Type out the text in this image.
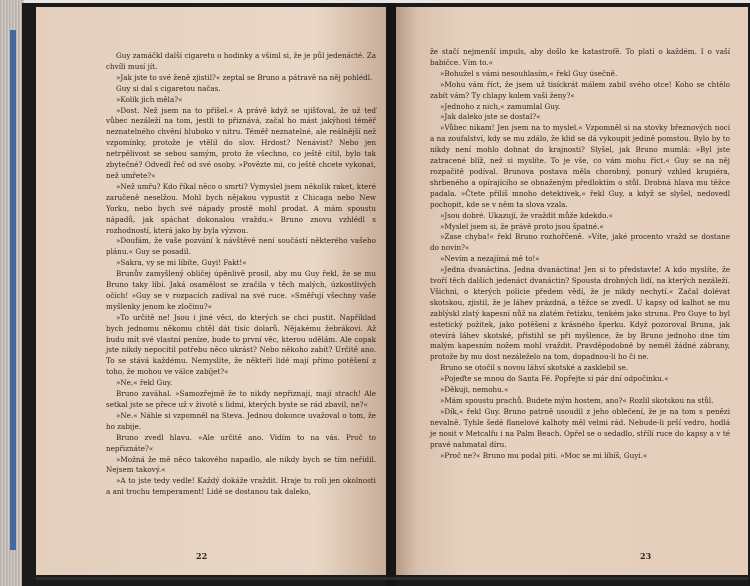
Guy zamáčkl další cigaretu o hodinky a všiml si, že je půl jedenácté. Za chvíli musí jít.

»Jak jste to své ženě zjistil?« zeptal se Bruno a pátravě na něj pohlédl.

Guy si dal s cigaretou načas.

»Kolik jich měla?«

»Dost. Než jsem na to přišel.« A právě když se ujišťoval, že už teď vůbec nezáleží na tom, jestli to přiznává, začal ho mást jakýhosi téměř neznatelného chvění hluboko v nitru. Téměř neznatelné, ale reálnější než vzpomínky, protože je vtělil do slov. Hrdost? Nenávist? Nebo jen netrpělivost se sebou samým, proto že všechno, co ještě cítil, bylo tak zbytečné? Odvedl řeč od své osoby. »Povězte mi, co ještě chcete vykonat, než umřete?«

»Než umřu? Kdo říkal něco o smrti? Vymyslel jsem několik raket, které zaručeně neselžou. Mohl bych nějakou vypustit z Chicaga nebo New Yorku, nebo bych své nápady prostě mohl prodat. A mám spoustu nápadů, jak spáchat dokonalou vraždu.« Bruno znovu vzhlédl s rozhodností, která jako by byla výzvou.

»Doufám, že vaše pozvání k návštěvě není součástí některého vašeho plánu.« Guy se posadil.

»Sakra, vy se mi líbíte, Guyi! Fakt!«

Brunův zamyšlený obličej úpěnlivě prosil, aby mu Guy řekl, že se mu Bruno taky líbí. Jaká osamělost se zračila v těch malých, úzkostlivých očích! »Guy se v rozpacích zadíval na své ruce. »Směřují všechny vaše myšlenky jenom ke zločinu?«

»To určitě ne! Jsou i jiné věci, do kterých se chci pustit. Například bych jednomu někomu chtěl dát tisíc dolarů. Nějakému žebrákovi. Až budu mít své vlastní peníze, bude to první věc, kterou udělám. Ale copak jste nikdy nepocítil potřebu něco ukrást? Nebo někoho zabít? Určitě ano. To se stává každému. Nemyslíte, že někteří lidé mají přímo potěšení z toho, že mohou ve válce zabíjet?«

»Ne,« řekl Guy.

Bruno zaváhal. »Samozřejmě že to nikdy nepřiznají, mají strach! Ale setkal jste se přece už v životě s lidmi, kterých byste se rád zbavil, ne?«

»Ne.« Náhle si vzpomněl na Steva. Jednou dokonce uvažoval o tom, že ho zabije.

Bruno zvedl hlavu. »Ale určitě ano. Vidím to na vás. Proč to nepřiznáte?«

»Možná že mě něco takového napadlo, ale nikdy bych se tím neřídil. Nejsem takový.«

»A to jste tedy vedle! Každý dokáže vraždit. Hraje tu roli jen okolnosti a ani trochu temperament! Lidé se dostanou tak daleko,

22

že stačí nejmenší impuls, aby došlo ke katastrofě. To platí o každém. I o vaší babičce. Vím to.«

»Bohužel s vámi nesouhlasím,« řekl Guy úsečně.

»Mohu vám říct, že jsem už tisíckrát málem zabil svého otce! Koho se chtělo zabít vám? Ty chlapy kolem vaší ženy?«

»Jednoho z nich,« zamumlal Guy.

»Jak daleko jste se dostal?«

»Vůbec nikam! Jen jsem na to myslel.« Vzpomněl si na stovky březnových nocí a na zoufalství, kdy se mu zdálo, že klid se dá vykoupit jedině pomstou. Bylo by to nikdy není mohlo dohnat do krajnosti? Slyšel, jak Bruno mumlá: »Byl jste zatracené blíž, než si myslíte. To je vše, co vám mohu říct.« Guy se na něj rozpačitě podíval. Brunova postava měla chorobný, ponurý vzhled krupiéra, shrbeného a opírajícího se obnaženým předloktím o stůl. Drobná hlava mu těžce padala. »Čtete příliš mnoho detektivek,« řekl Guy, a když se slyšel, nedovedl pochopit, kde se v něm ta slova vzala.

»Jsou dobré. Ukazují, že vraždit může kdekdo.«

»Myslel jsem si, že právě proto jsou špatné.«

»Zase chyba!« řekl Bruno rozhořčeně. »Víte, jaké procento vražd se dostane do novin?«

»Nevím a nezajímá mě to!«

»Jedna dvanáctina. Jedna dvanáctina! Jen si to představte! A kdo myslíte, že tvoří těch dalších jedenáct dvanáctin? Spousta drobných lidí, na kterých nezáleží. Všichni, o kterých policie předem vědí, že je nikdy nechytí.« Začal dolévat skotskou, zjistil, že je láhev prázdná, a těžce se zvedl. U kapsy od kalhot se mu zablýskl zlatý kapesní nůž na zlatém řetízku, tenkém jako struna. Pro Guye to byl estetický požitek, jako potěšení z krásného šperku. Když pozoroval Bruna, jak otevírá láhev skotské, přistihl se při myšlence, že by Bruno jednoho dne tím malým kapesním nožem mohl vraždit. Pravděpodobně by neměl žádné zábrany, protože by mu dost nezáleželo na tom, dopadnou-li ho či ne.

Bruno se otočil s novou láhví skotské a zasklebil se.

»Pojeďte se mnou do Santa Fé. Popřejte si pár dní odpočinku.«

»Děkuji, nemohu.«

»Mám spoustu prachů. Budete mým hostem, ano?« Rozlil skotskou na stůl.

»Dík,« řekl Guy. Bruno patrně usoudil z jeho oblečení, že je na tom s penězi nevalně. Tyhle šedé flanelové kalhoty měl velmi rád. Nebude-li prší vedro, hodlá je nosit v Metcalfu i na Palm Beach. Opřel se o sedadlo, střílí ruce do kapsy a v té pravé nahmatal díru.

»Proč ne?« Bruno mu podal pití. »Moc se mi líbíš, Guyi.«

23
